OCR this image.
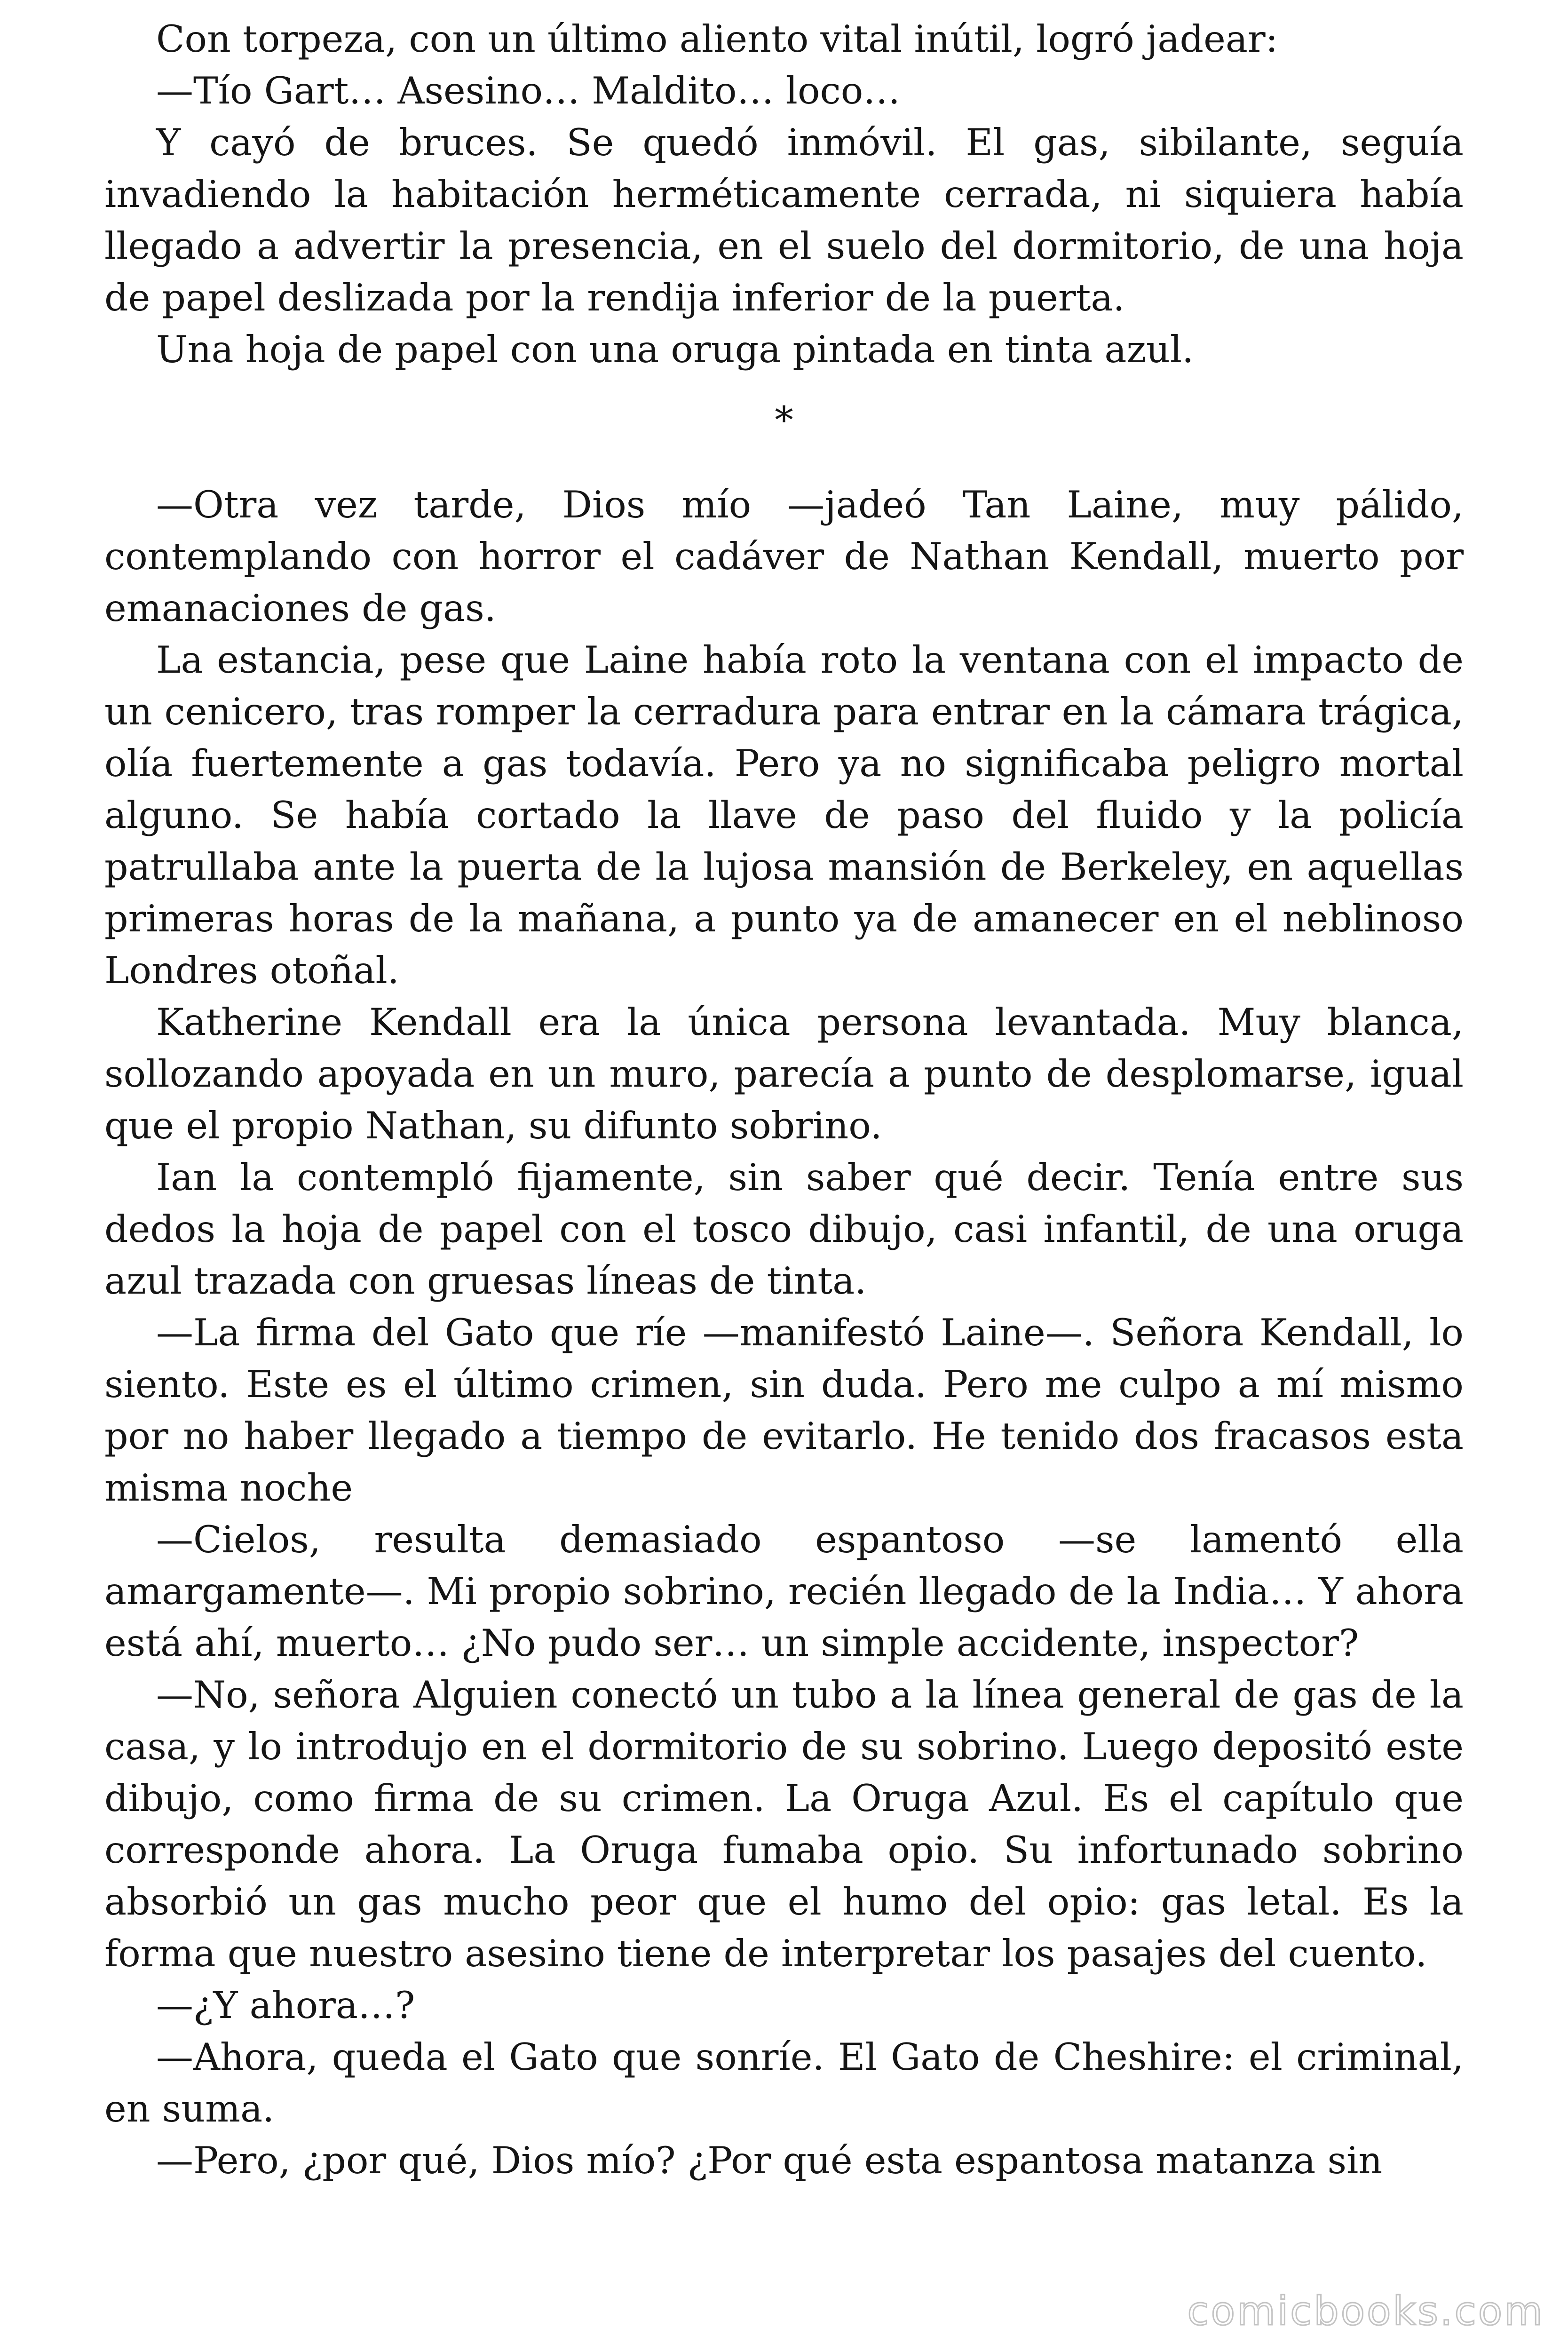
Con torpeza, con un último aliento vital inútil, logró jadear:

—Tío Gart… Asesino… Maldito… loco…

Y cayó de bruces. Se quedó inmóvil. El gas, sibilante, seguía invadiendo la habitación herméticamente cerrada, ni siquiera había llegado a advertir la presencia, en el suelo del dormitorio, de una hoja de papel deslizada por la rendija inferior de la puerta.

Una hoja de papel con una oruga pintada en tinta azul.

*

—Otra vez tarde, Dios mío —jadeó Tan Laine, muy pálido, contemplando con horror el cadáver de Nathan Kendall, muerto por emanaciones de gas.

La estancia, pese que Laine había roto la ventana con el impacto de un cenicero, tras romper la cerradura para entrar en la cámara trágica, olía fuertemente a gas todavía. Pero ya no significaba peligro mortal alguno. Se había cortado la llave de paso del fluido y la policía patrullaba ante la puerta de la lujosa mansión de Berkeley, en aquellas primeras horas de la mañana, a punto ya de amanecer en el neblinoso Londres otoñal.

Katherine Kendall era la única persona levantada. Muy blanca, sollozando apoyada en un muro, parecía a punto de desplomarse, igual que el propio Nathan, su difunto sobrino.

Ian la contempló fijamente, sin saber qué decir. Tenía entre sus dedos la hoja de papel con el tosco dibujo, casi infantil, de una oruga azul trazada con gruesas líneas de tinta.

—La firma del Gato que ríe —manifestó Laine—. Señora Kendall, lo siento. Este es el último crimen, sin duda. Pero me culpo a mí mismo por no haber llegado a tiempo de evitarlo. He tenido dos fracasos esta misma noche

—Cielos, resulta demasiado espantoso —se lamentó ella amargamente—. Mi propio sobrino, recién llegado de la India… Y ahora está ahí, muerto… ¿No pudo ser… un simple accidente, inspector?

—No, señora Alguien conectó un tubo a la línea general de gas de la casa, y lo introdujo en el dormitorio de su sobrino. Luego depositó este dibujo, como firma de su crimen. La Oruga Azul. Es el capítulo que corresponde ahora. La Oruga fumaba opio. Su infortunado sobrino absorbió un gas mucho peor que el humo del opio: gas letal. Es la forma que nuestro asesino tiene de interpretar los pasajes del cuento.

—¿Y ahora…?

—Ahora, queda el Gato que sonríe. El Gato de Cheshire: el criminal, en suma.

—Pero, ¿por qué, Dios mío? ¿Por qué esta espantosa matanza sin

comicbooks.com
